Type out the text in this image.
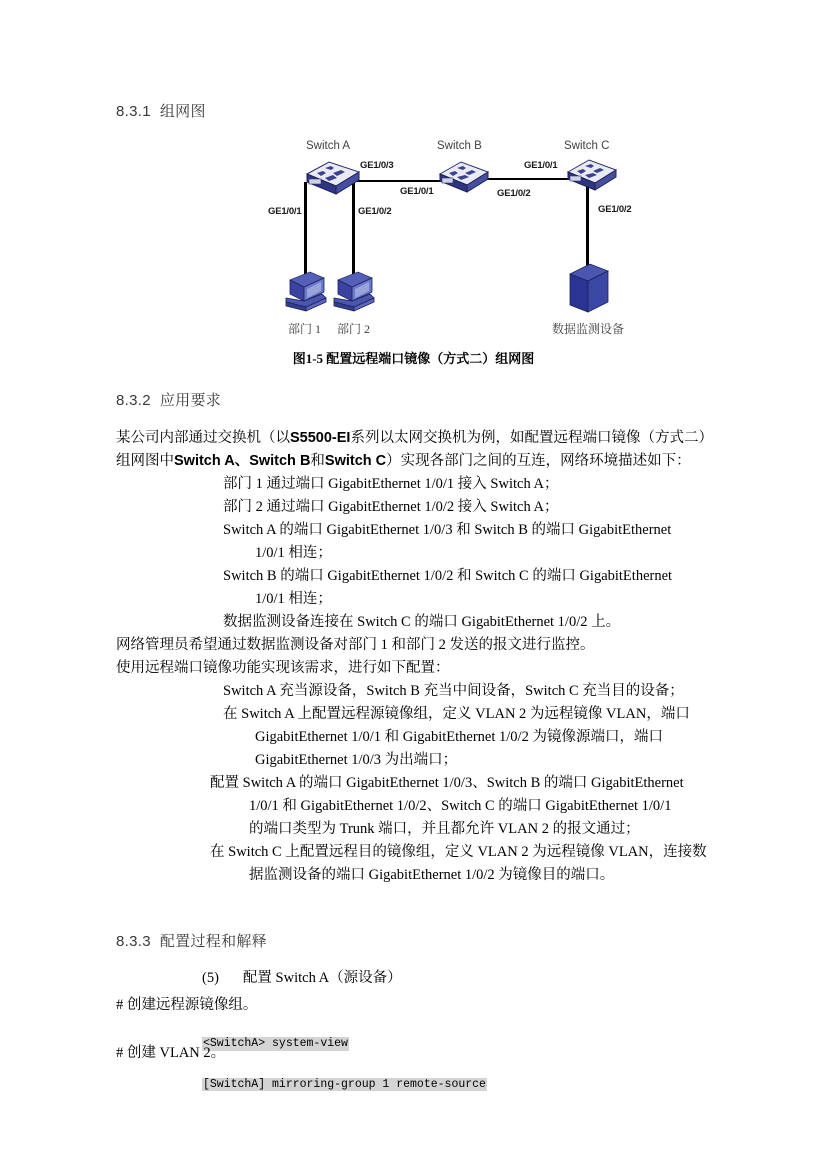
8.3.1 组网图
Switch A	Switch B	Switch C
GE1/0/3
GE1/0/1	GE1/0/2
GE1/0/1
GE1/0/2
GE1/0/1	GE1/0/2
部门 1 部门 2	数据监测设备
图1-5 配置远程端口镜像（方式二）组网图
8.3.2 应用要求
某公司内部通过交换机（以S5500-EI系列以太网交换机为例，如配置远程端口镜像（方式二）
组网图中Switch A、Switch B和Switch C）实现各部门之间的互连，网络环境描述如下：
部门 1 通过端口 GigabitEthernet 1/0/1 接入 Switch A；
部门 2 通过端口 GigabitEthernet 1/0/2 接入 Switch A；
Switch A 的端口 GigabitEthernet 1/0/3 和 Switch B 的端口 GigabitEthernet
1/0/1 相连；
Switch B 的端口 GigabitEthernet 1/0/2 和 Switch C 的端口 GigabitEthernet
1/0/1 相连；
数据监测设备连接在 Switch C 的端口 GigabitEthernet 1/0/2 上。
网络管理员希望通过数据监测设备对部门 1 和部门 2 发送的报文进行监控。
使用远程端口镜像功能实现该需求，进行如下配置：
Switch A 充当源设备，Switch B 充当中间设备，Switch C 充当目的设备；
在 Switch A 上配置远程源镜像组，定义 VLAN 2 为远程镜像 VLAN，端口
GigabitEthernet 1/0/1 和 GigabitEthernet 1/0/2 为镜像源端口，端口
GigabitEthernet 1/0/3 为出端口；
配置 Switch A 的端口 GigabitEthernet 1/0/3、Switch B 的端口 GigabitEthernet
1/0/1 和 GigabitEthernet 1/0/2、Switch C 的端口 GigabitEthernet 1/0/1
的端口类型为 Trunk 端口，并且都允许 VLAN 2 的报文通过；
在 Switch C 上配置远程目的镜像组，定义 VLAN 2 为远程镜像 VLAN，连接数
据监测设备的端口 GigabitEthernet 1/0/2 为镜像目的端口。
8.3.3 配置过程和解释
(5) 配置 Switch A（源设备）
# 创建远程源镜像组。

<SwitchA> system-view

[SwitchA] mirroring-group 1 remote-source

# 创建 VLAN 2。
